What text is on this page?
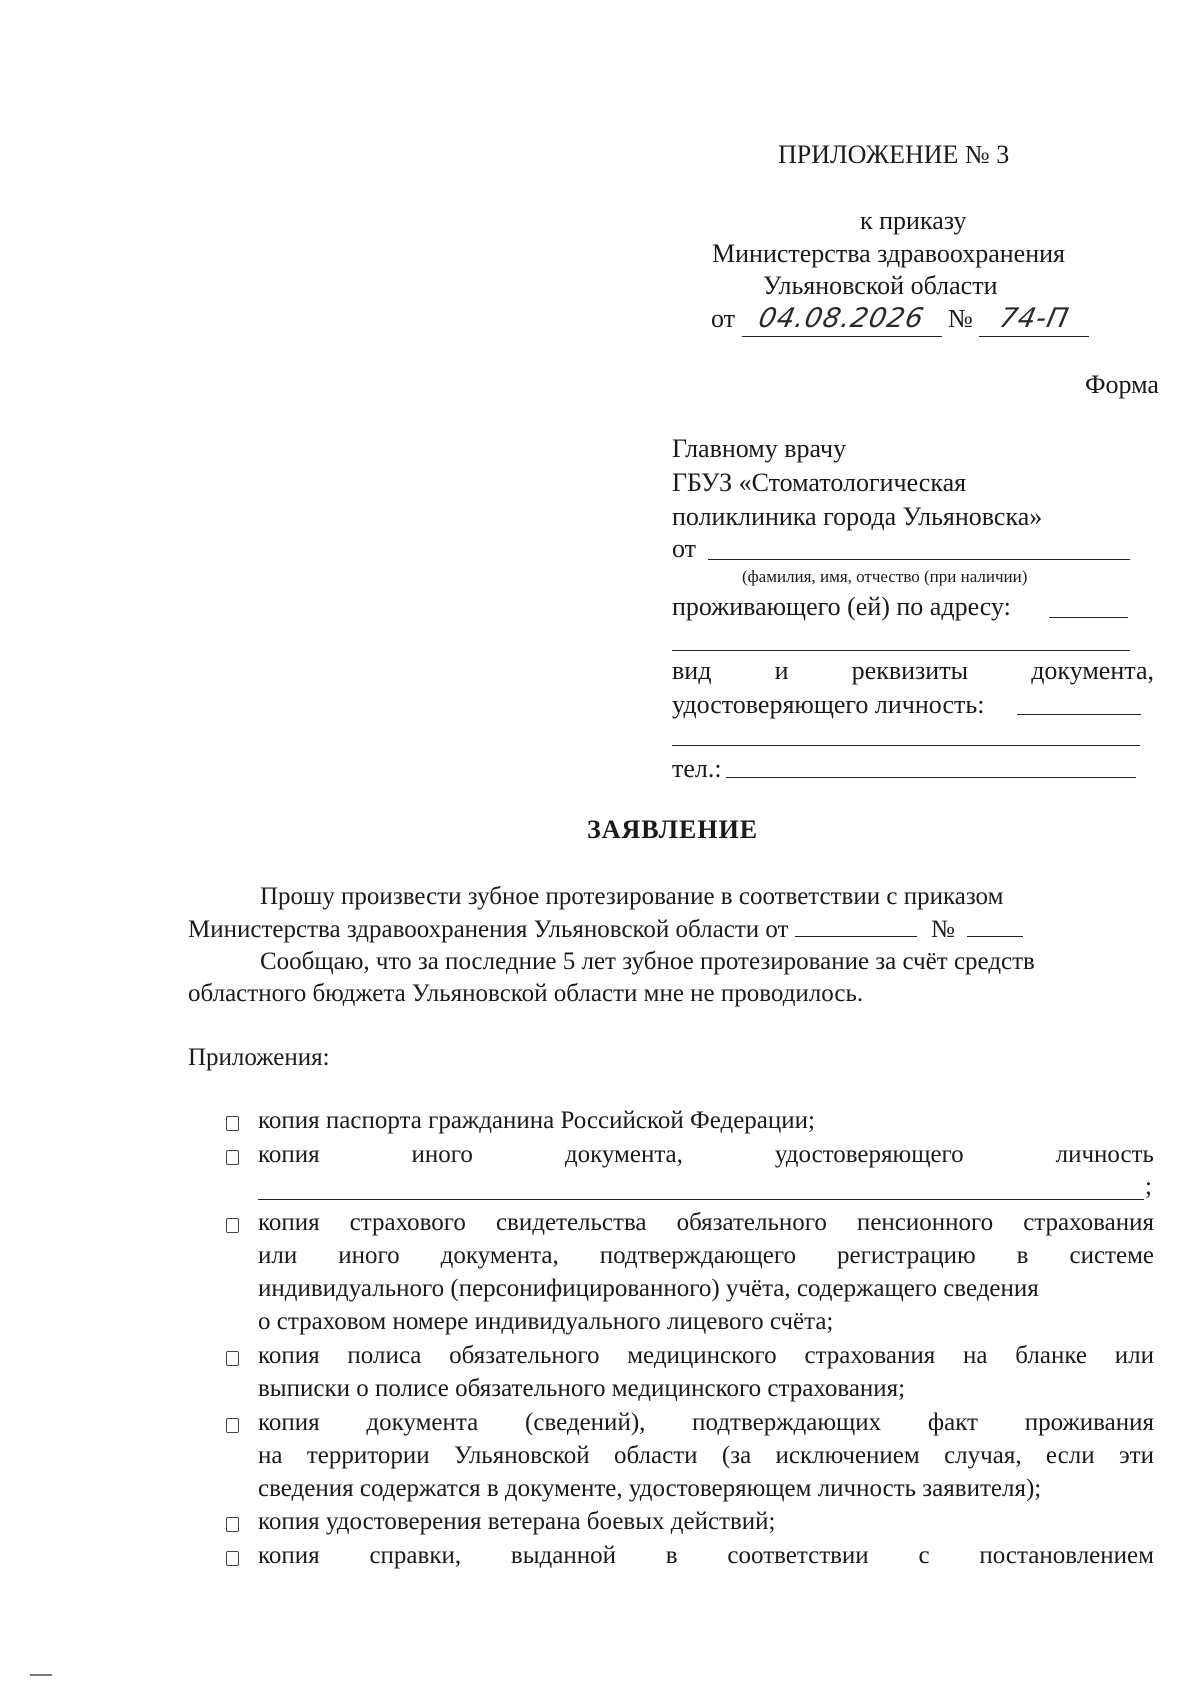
ПРИЛОЖЕНИЕ № 3
к приказу
Министерства здравоохранения
Ульяновской области
от 04.08.2026 № 74-П
Форма
Главному врачу
ГБУЗ «Стоматологическая
поликлиника города Ульяновска»
от
(фамилия, имя, отчество (при наличии)
проживающего (ей) по адресу:
вид и реквизиты документа,
удостоверяющего личность:
тел.:
ЗАЯВЛЕНИЕ
Прошу произвести зубное протезирование в соответствии с приказом
Министерства здравоохранения Ульяновской области от	№
Сообщаю, что за последние 5 лет зубное протезирование за счёт средств
областного бюджета Ульяновской области мне не проводилось.
Приложения:
копия паспорта гражданина Российской Федерации;
копия	иного	документа,	удостоверяющего	личность
;
копия страхового свидетельства обязательного пенсионного страхования
или иного документа, подтверждающего регистрацию в системе
индивидуального (персонифицированного) учёта, содержащего сведения
о страховом номере индивидуального лицевого счёта;
копия полиса обязательного медицинского страхования на бланке или
выписки о полисе обязательного медицинского страхования;
копия документа (сведений), подтверждающих факт проживания
на территории Ульяновской области (за исключением случая, если эти
сведения содержатся в документе, удостоверяющем личность заявителя);
копия удостоверения ветерана боевых действий;
копия справки, выданной в соответствии с постановлением
